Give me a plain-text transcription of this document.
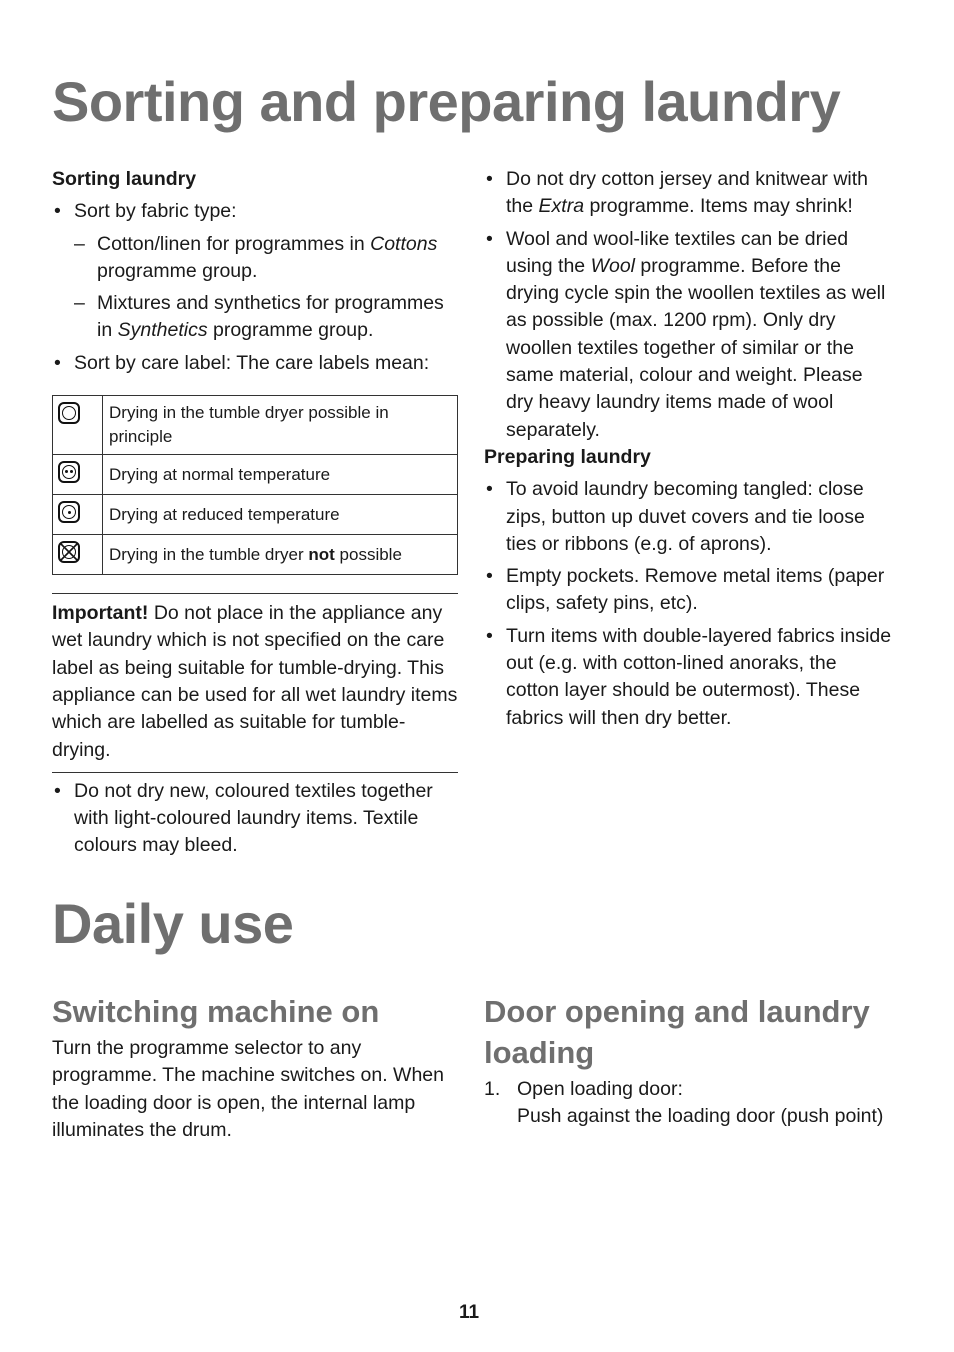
Sorting and preparing laundry
Sorting laundry
• Sort by fabric type:
– Cotton/linen for programmes in Cottons programme group.
– Mixtures and synthetics for programmes in Synthetics programme group.
• Sort by care label: The care labels mean:
	Drying in the tumble dryer possible in principle

	Drying at normal temperature

	Drying at reduced temperature

	Drying in the tumble dryer not possible
Important! Do not place in the appliance any wet laundry which is not specified on the care label as being suitable for tumble-drying. This appliance can be used for all wet laundry items which are labelled as suitable for tumble-drying.
• Do not dry new, coloured textiles together with light-coloured laundry items. Textile colours may bleed.
• Do not dry cotton jersey and knitwear with the Extra programme. Items may shrink!
• Wool and wool-like textiles can be dried using the Wool programme. Before the drying cycle spin the woollen textiles as well as possible (max. 1200 rpm). Only dry woollen textiles together of similar or the same material, colour and weight. Please dry heavy laundry items made of wool separately.
Preparing laundry
• To avoid laundry becoming tangled: close zips, button up duvet covers and tie loose ties or ribbons (e.g. of aprons).
• Empty pockets. Remove metal items (paper clips, safety pins, etc).
• Turn items with double-layered fabrics inside out (e.g. with cotton-lined anoraks, the cotton layer should be outermost). These fabrics will then dry better.
Daily use
Switching machine on
Turn the programme selector to any programme. The machine switches on. When the loading door is open, the internal lamp illuminates the drum.
Door opening and laundry loading
1. Open loading door:
Push against the loading door (push point)
11
